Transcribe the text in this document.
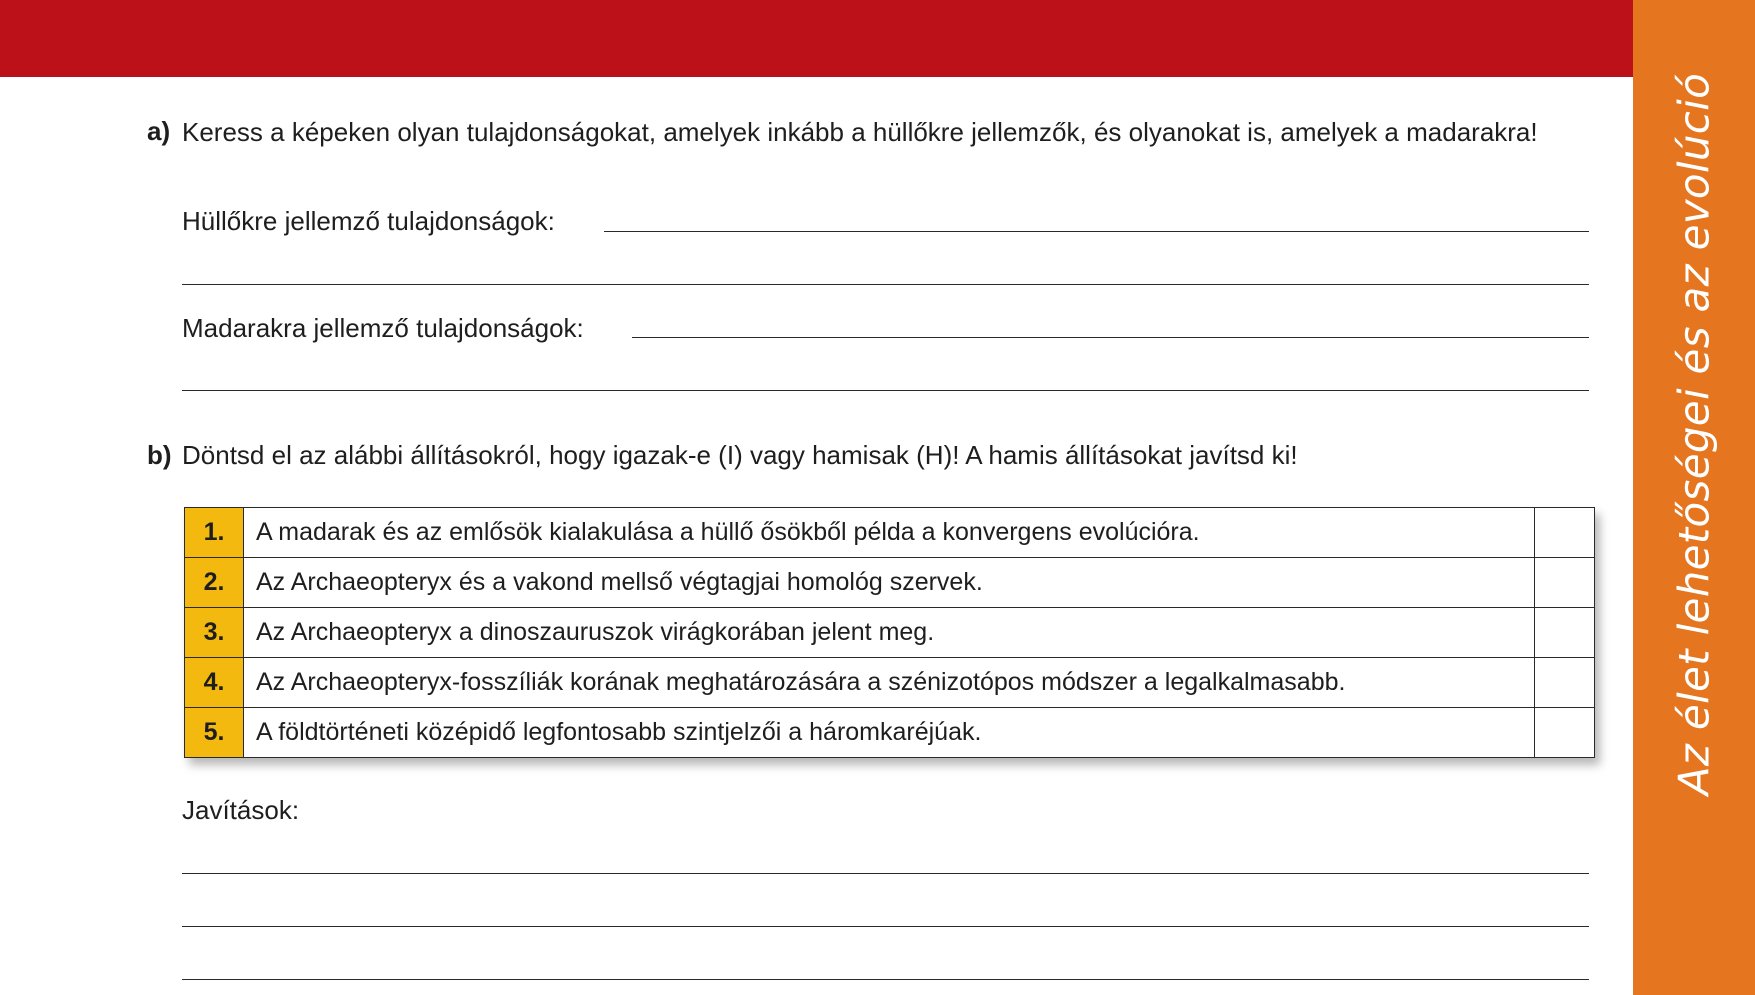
Az élet lehetőségei és az evolúció
a) Keress a képeken olyan tulajdonságokat, amelyek inkább a hüllőkre jellemzők, és olyanokat is, amelyek a madarakra!
Hüllőkre jellemző tulajdonságok:
Madarakra jellemző tulajdonságok:
b) Döntsd el az alábbi állításokról, hogy igazak-e (I) vagy hamisak (H)! A hamis állításokat javítsd ki!
1.	A madarak és az emlősök kialakulása a hüllő ősökből példa a konvergens evolúcióra.	
2.	Az Archaeopteryx és a vakond mellső végtagjai homológ szervek.	
3.	Az Archaeopteryx a dinoszauruszok virágkorában jelent meg.	
4.	Az Archaeopteryx-fosszíliák korának meghatározására a szénizotópos módszer a legalkalmasabb.	
5.	A földtörténeti középidő legfontosabb szintjelzői a háromkaréjúak.	
Javítások:
